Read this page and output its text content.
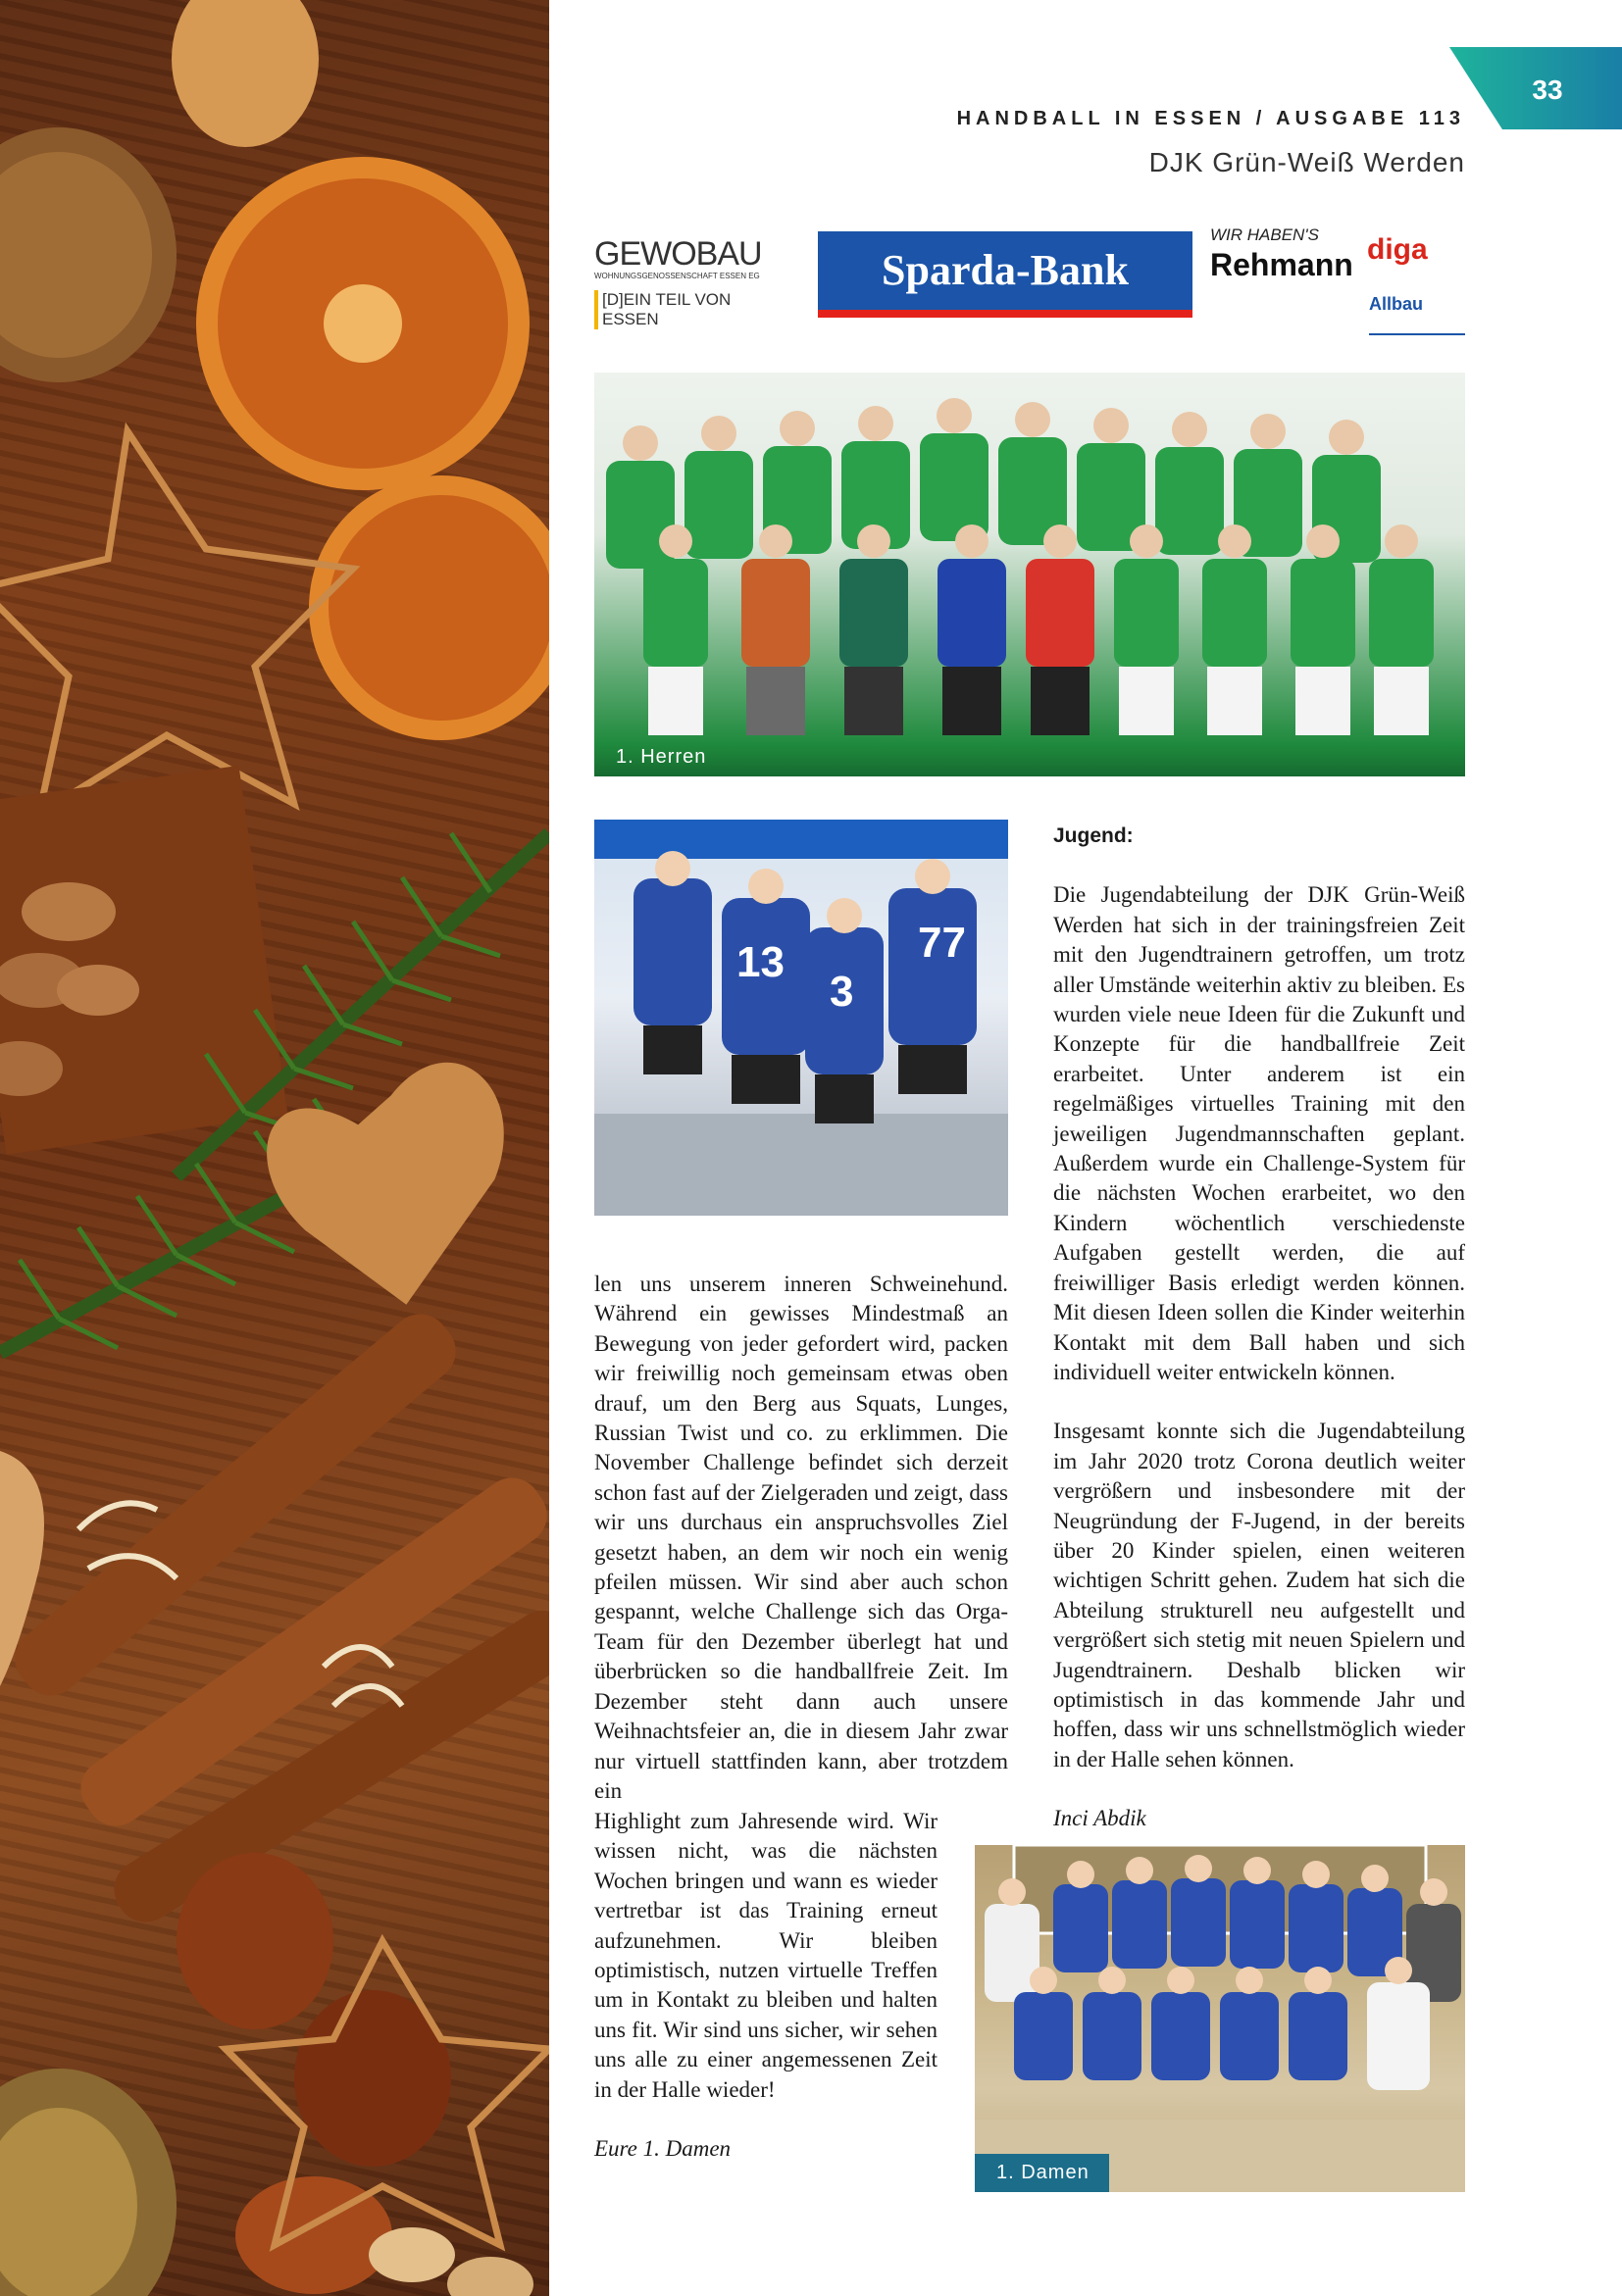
33
HANDBALL IN ESSEN / AUSGABE 113
DJK Grün-Weiß Werden
GEWOBAU
WOHNUNGSGENOSSENSCHAFT ESSEN EG
[D]EIN TEIL VON ESSEN
Sparda-Bank
WIR HABEN'S
Rehmann diga
Allbau
1. Herren
13
3
77
1. Damen

len uns unserem inneren Schweinehund. Während ein gewisses Mindestmaß an Bewegung von jeder gefordert wird, packen wir freiwillig noch gemeinsam etwas oben drauf, um den Berg aus Squats, Lunges, Russian Twist und co. zu erklimmen. Die November Challenge befindet sich derzeit schon fast auf der Zielgeraden und zeigt, dass wir uns durchaus ein anspruchsvolles Ziel gesetzt haben, an dem wir noch ein wenig pfeilen müssen. Wir sind aber auch schon gespannt, welche Challenge sich das Orga-Team für den Dezember überlegt hat und überbrücken so die handballfreie Zeit. Im Dezember steht dann auch unsere Weihnachtsfeier an, die in diesem Jahr zwar nur virtuell stattfinden kann, aber trotzdem ein

Highlight zum Jahresende wird. Wir wissen nicht, was die nächsten Wochen bringen und wann es wieder vertretbar ist das Training erneut aufzunehmen. Wir bleiben optimistisch, nutzen virtuelle Treffen um in Kontakt zu bleiben und halten uns fit. Wir sind uns sicher, wir sehen uns alle zu einer angemessenen Zeit in der Halle wieder!

Eure 1. Damen

Jugend:

Die Jugendabteilung der DJK Grün-Weiß Werden hat sich in der trainingsfreien Zeit mit den Jugendtrainern getroffen, um trotz aller Umstände weiterhin aktiv zu bleiben. Es wurden viele neue Ideen für die Zukunft und Konzepte für die handballfreie Zeit erarbeitet. Unter anderem ist ein regelmäßiges virtuelles Training mit den jeweiligen Jugendmannschaften geplant. Außerdem wurde ein Challenge-System für die nächsten Wochen erarbeitet, wo den Kindern wöchentlich verschiedenste Aufgaben gestellt werden, die auf freiwilliger Basis erledigt werden können. Mit diesen Ideen sollen die Kinder weiterhin Kontakt mit dem Ball haben und sich individuell weiter entwickeln können.

Insgesamt konnte sich die Jugendabteilung im Jahr 2020 trotz Corona deutlich weiter vergrößern und insbesondere mit der Neugründung der F-Jugend, in der bereits über 20 Kinder spielen, einen weiteren wichtigen Schritt gehen. Zudem hat sich die Abteilung strukturell neu aufgestellt und vergrößert sich stetig mit neuen Spielern und Jugendtrainern. Deshalb blicken wir optimistisch in das kommende Jahr und hoffen, dass wir uns schnellstmöglich wieder in der Halle sehen können.

Inci Abdik
